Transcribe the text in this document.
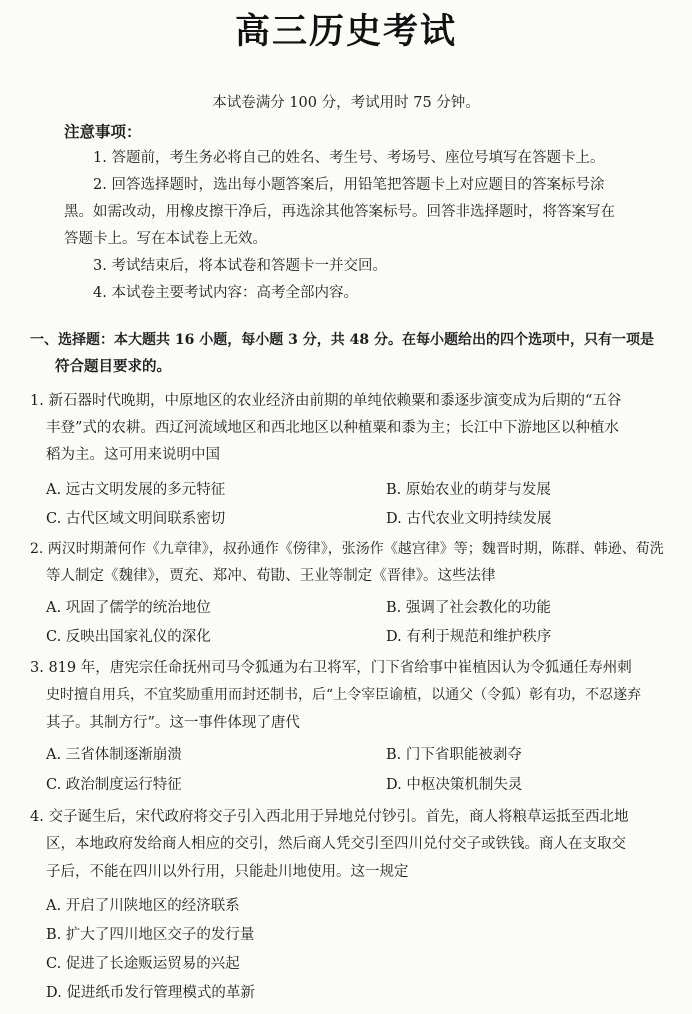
高三历史考试
本试卷满分 100 分，考试用时 75 分钟。
注意事项：
1. 答题前，考生务必将自己的姓名、考生号、考场号、座位号填写在答题卡上。
2. 回答选择题时，选出每小题答案后，用铅笔把答题卡上对应题目的答案标号涂
黑。如需改动，用橡皮擦干净后，再选涂其他答案标号。回答非选择题时，将答案写在
答题卡上。写在本试卷上无效。
3. 考试结束后，将本试卷和答题卡一并交回。
4. 本试卷主要考试内容：高考全部内容。
一、选择题：本大题共 16 小题，每小题 3 分，共 48 分。在每小题给出的四个选项中，只有一项是
符合题目要求的。
1. 新石器时代晚期，中原地区的农业经济由前期的单纯依赖粟和黍逐步演变成为后期的“五谷
丰登”式的农耕。西辽河流域地区和西北地区以种植粟和黍为主；长江中下游地区以种植水
稻为主。这可用来说明中国
A. 远古文明发展的多元特征	B. 原始农业的萌芽与发展
C. 古代区域文明间联系密切	D. 古代农业文明持续发展
2. 两汉时期萧何作《九章律》，叔孙通作《傍律》，张汤作《越宫律》等；魏晋时期，陈群、韩逊、荀洗
等人制定《魏律》，贾充、郑冲、荀勖、王业等制定《晋律》。这些法律
A. 巩固了儒学的统治地位	B. 强调了社会教化的功能
C. 反映出国家礼仪的深化	D. 有利于规范和维护秩序
3. 819 年，唐宪宗任命抚州司马令狐通为右卫将军，门下省给事中崔植因认为令狐通任寿州刺
史时擅自用兵，不宜奖励重用而封还制书，后“上令宰臣谕植，以通父（令狐）彰有功，不忍遂弃
其子。其制方行”。这一事件体现了唐代
A. 三省体制逐渐崩溃	B. 门下省职能被剥夺
C. 政治制度运行特征	D. 中枢决策机制失灵
4. 交子诞生后，宋代政府将交子引入西北用于异地兑付钞引。首先，商人将粮草运抵至西北地
区，本地政府发给商人相应的交引，然后商人凭交引至四川兑付交子或铁钱。商人在支取交
子后，不能在四川以外行用，只能赴川地使用。这一规定
A. 开启了川陕地区的经济联系
B. 扩大了四川地区交子的发行量
C. 促进了长途贩运贸易的兴起
D. 促进纸币发行管理模式的革新
